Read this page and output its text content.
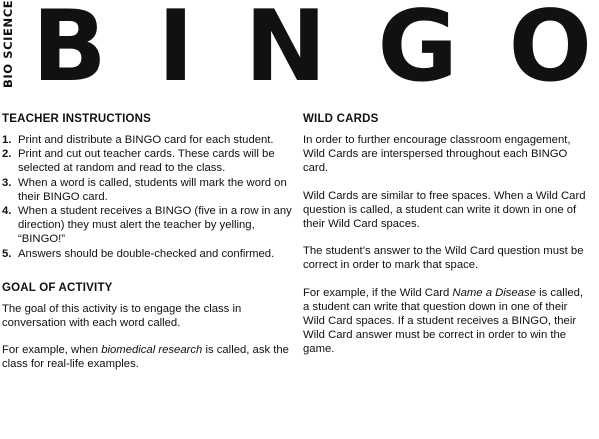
BIO SCIENCE B I N G O
TEACHER INSTRUCTIONS
1. Print and distribute a BINGO card for each student.
2. Print and cut out teacher cards. These cards will be selected at random and read to the class.
3. When a word is called, students will mark the word on their BINGO card.
4. When a student receives a BINGO (five in a row in any direction) they must alert the teacher by yelling, “BINGO!”
5. Answers should be double-checked and confirmed.
GOAL OF ACTIVITY

The goal of this activity is to engage the class in conversation with each word called.

For example, when biomedical research is called, ask the class for real-life examples.

WILD CARDS

In order to further encourage classroom engagement, Wild Cards are interspersed throughout each BINGO card.

Wild Cards are similar to free spaces. When a Wild Card question is called, a student can write it down in one of their Wild Card spaces.

The student’s answer to the Wild Card question must be correct in order to mark that space.

For example, if the Wild Card Name a Disease is called, a student can write that question down in one of their Wild Card spaces. If a student receives a BINGO, their Wild Card answer must be correct in order to win the game.
